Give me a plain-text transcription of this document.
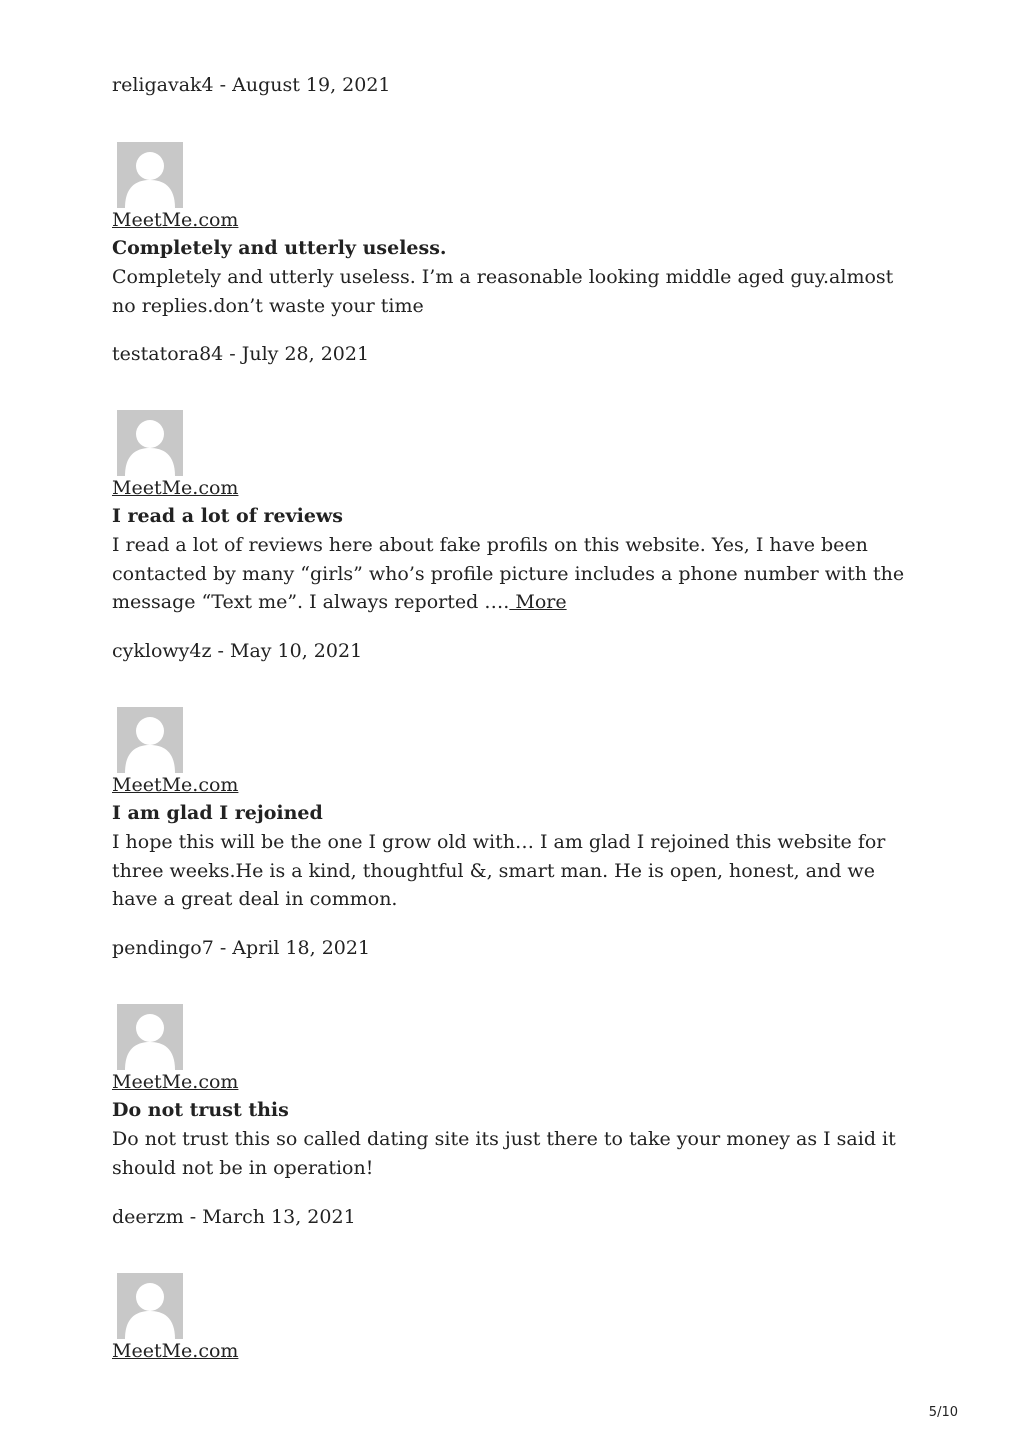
religavak4 - August 19, 2021
MeetMe.com
Completely and utterly useless.

Completely and utterly useless. I’m a reasonable looking middle aged guy.almost no replies.don’t waste your time

testatora84 - July 28, 2021
MeetMe.com
I read a lot of reviews

I read a lot of reviews here about fake profils on this website. Yes, I have been contacted by many “girls” who’s profile picture includes a phone number with the message “Text me”. I always reported …. More

cyklowy4z - May 10, 2021
MeetMe.com
I am glad I rejoined

I hope this will be the one I grow old with… I am glad I rejoined this website for three weeks.He is a kind, thoughtful &, smart man. He is open, honest, and we have a great deal in common.

pendingo7 - April 18, 2021
MeetMe.com
Do not trust this

Do not trust this so called dating site its just there to take your money as I said it should not be in operation!

deerzm - March 13, 2021
MeetMe.com
5/10
